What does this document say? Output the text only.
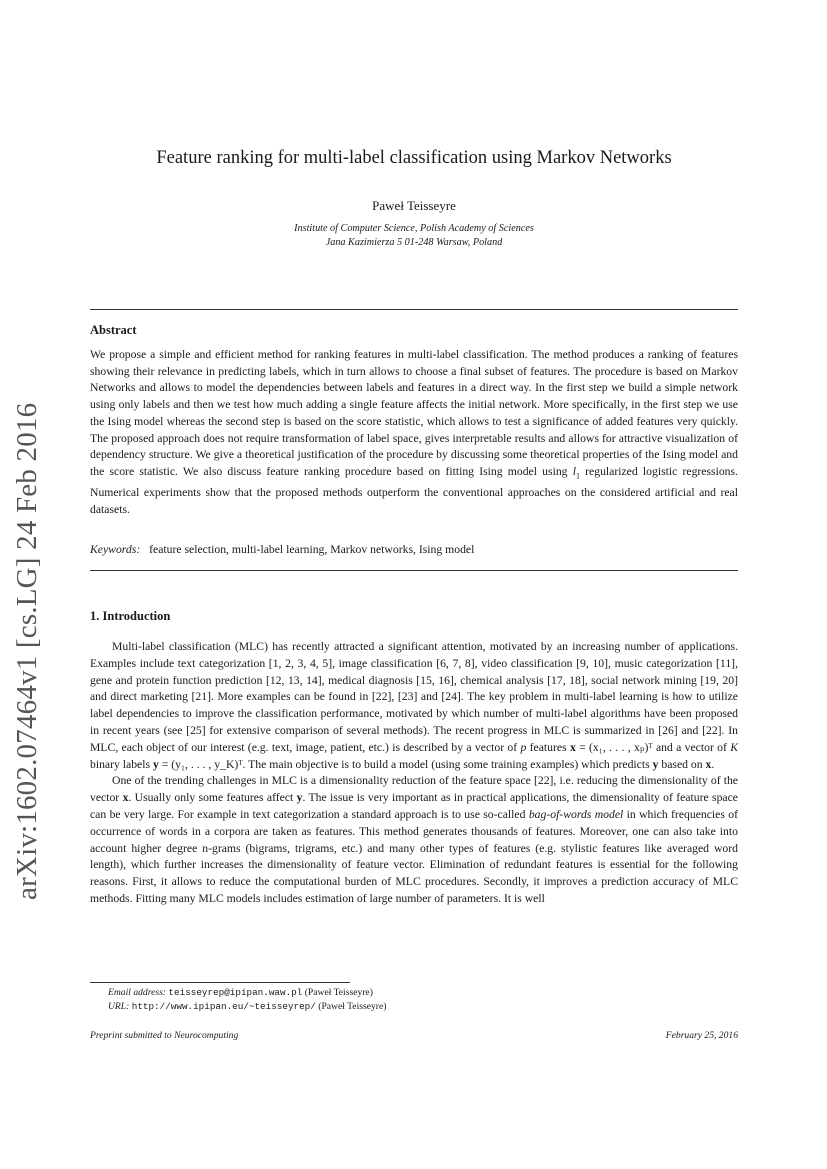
arXiv:1602.07464v1 [cs.LG] 24 Feb 2016
Feature ranking for multi-label classification using Markov Networks
Paweł Teisseyre
Institute of Computer Science, Polish Academy of Sciences
Jana Kazimierza 5 01-248 Warsaw, Poland
Abstract

We propose a simple and efficient method for ranking features in multi-label classification. The method produces a ranking of features showing their relevance in predicting labels, which in turn allows to choose a final subset of features. The procedure is based on Markov Networks and allows to model the dependencies between labels and features in a direct way. In the first step we build a simple network using only labels and then we test how much adding a single feature affects the initial network. More specifically, in the first step we use the Ising model whereas the second step is based on the score statistic, which allows to test a significance of added features very quickly. The proposed approach does not require transformation of label space, gives interpretable results and allows for attractive visualization of dependency structure. We give a theoretical justification of the procedure by discussing some theoretical properties of the Ising model and the score statistic. We also discuss feature ranking procedure based on fitting Ising model using $l_1$ regularized logistic regressions. Numerical experiments show that the proposed methods outperform the conventional approaches on the considered artificial and real datasets.

Keywords: feature selection, multi-label learning, Markov networks, Ising model
1. Introduction

Multi-label classification (MLC) has recently attracted a significant attention, motivated by an increasing number of applications. Examples include text categorization [1, 2, 3, 4, 5], image classification [6, 7, 8], video classification [9, 10], music categorization [11], gene and protein function prediction [12, 13, 14], medical diagnosis [15, 16], chemical analysis [17, 18], social network mining [19, 20] and direct marketing [21]. More examples can be found in [22], [23] and [24]. The key problem in multi-label learning is how to utilize label dependencies to improve the classification performance, motivated by which number of multi-label algorithms have been proposed in recent years (see [25] for extensive comparison of several methods). The recent progress in MLC is summarized in [26] and [22]. In MLC, each object of our interest (e.g. text, image, patient, etc.) is described by a vector of p features x = (x₁, . . . , xₚ)ᵀ and a vector of K binary labels y = (y₁, . . . , y_K)ᵀ. The main objective is to build a model (using some training examples) which predicts y based on x.

One of the trending challenges in MLC is a dimensionality reduction of the feature space [22], i.e. reducing the dimensionality of the vector x. Usually only some features affect y. The issue is very important as in practical applications, the dimensionality of feature space can be very large. For example in text categorization a standard approach is to use so-called bag-of-words model in which frequencies of occurrence of words in a corpora are taken as features. This method generates thousands of features. Moreover, one can also take into account higher degree n-grams (bigrams, trigrams, etc.) and many other types of features (e.g. stylistic features like averaged word length), which further increases the dimensionality of feature vector. Elimination of redundant features is essential for the following reasons. First, it allows to reduce the computational burden of MLC procedures. Secondly, it improves a prediction accuracy of MLC methods. Fitting many MLC models includes estimation of large number of parameters. It is well

Email address: teisseyrep@ipipan.waw.pl (Paweł Teisseyre)
URL: http://www.ipipan.eu/~teisseyrep/ (Paweł Teisseyre)
Preprint submitted to Neurocomputing	February 25, 2016
